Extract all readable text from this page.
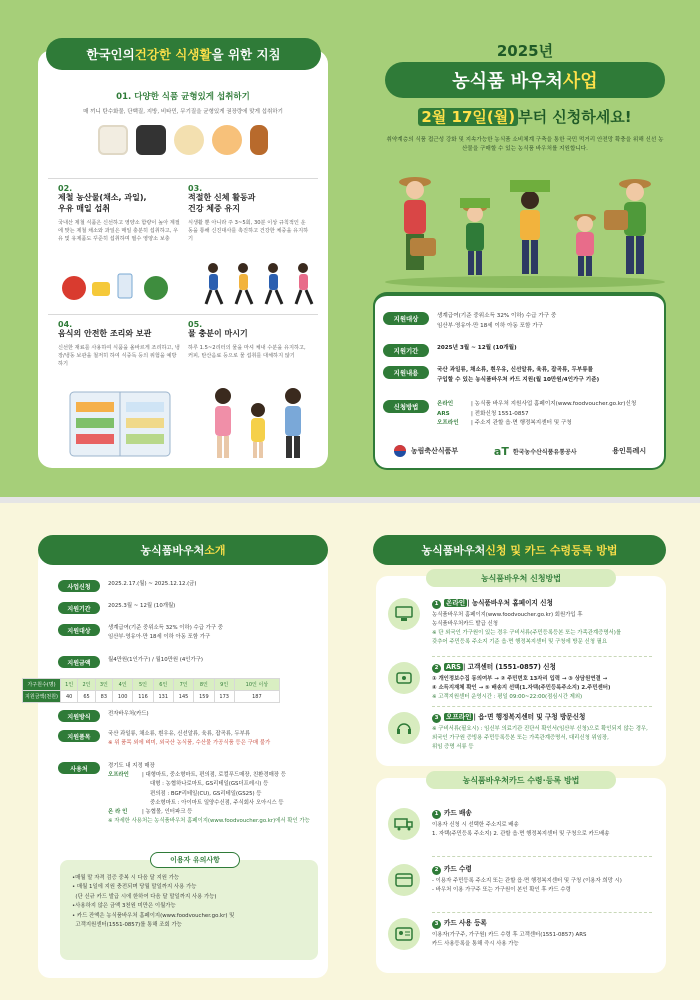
한국인의 건강한 식생활 을 위한 지침
01. 다양한 식품 균형있게 섭취하기
매 끼니 탄수화물, 단백질, 지방, 비타민, 무기질을 균형있게 권장량에 맞게 섭취하기
02.
제철 농산물(채소, 과일),
우유 매일 섭취
국내산 제철 식품은 신선하고 영양소 함량이 높아 계절에 맞는 제철 채소와 과일은 매일 충분히 섭취하고, 우유 및 유제품도 꾸준히 섭취하며 필수 영양소 보충
03.
적절한 신체 활동과
건강 체중 유지
식생활 뿐 아니라 주 3~5회, 30분 이상 규칙적인 운동을 통해 신진대사를 촉진하고 건강한 체중을 유지하기
04.
음식의 안전한 조리와 보관
신선한 재료를 사용하여 식품을 올바르게 조리하고, 냉장/냉동 보관을 철저히 하여 식중독 등의 위험을 예방하기
05.
물 충분이 마시기
하루 1.5~2리터의 물을 마셔 체내 수분을 유지하고, 커피, 탄산음료 등으로 물 섭취를 대체하지 않기
2025년
농식품 바우처 사업
2월 17일(월) 부터 신청하세요!
취약계층의 식품 접근성 강화 및 지속가능한 농식품 소비체계 구축을 통한 국민 먹거리 안전망 확충을 위해 신선 농산물을 구매할 수 있는 농식품 바우처를 지원합니다.
지원대상	생계급여(기준 중위소득 32% 이하) 수급 가구 중
임산부·영유아·만 18세 이하 아동 포함 가구
지원기간	2025년 3월 ~ 12월 (10개월)
지원내용	국산 과일류, 채소류, 흰우유, 신선알류, 육류, 잡곡류, 두부류를
구입할 수 있는 농식품바우처 카드 지원(월 10만원/4인가구 기준)
신청방법	온라인	| 농식품 바우처 지원사업 홈페이지(www.foodvoucher.go.kr)신청
ARS	| 전화신청 1551-0857
오프라인 | 주소지 관할 읍·면 행정복지센터 및 구청
농림축산식품부	aT 한국농수산식품유통공사	용인특례시
농식품바우처 소개
사업신청	2025.2.17.(월) ~ 2025.12.12.(금)
지원기간	2025.3월 ~ 12월 (10개월)
지원대상	생계급여(기준 중위소득 32% 이하) 수급 가구 중
임산부·영유아·만 18세 이하 아동 포함 가구
지원금액	월4만원(1인가구) / 월10만원 (4인가구)
지원방식	전자바우처(카드)
지원품목	국산 과일류, 채소류, 흰우유, 신선알류, 육류, 잡곡류, 두부류
※ 위 품목 외에 벼미, 외국산 농식품, 수산물 가공식품 등은 구매 불가
사용처	경기도 내 지정 매장
오프라인 | 대형마트, 중소형마트, 편의점, 로컬푸드매장, 친환경매장 등
대형 : 농협하나로마트, GS리테일(GS더프레시) 등
편의점 : BGF리테일(CU), GS리테일(GS25) 등
중소형마트 : 아이마트 일양수신점, 주식회사 오아시스 등
온 라 인	| 농협몰, 인터파크 등
※ 자세한 사용처는 농식품바우처 홈페이지(www.foodvoucher.go.kr)에서 확인 가능
가구원수(명)	1인	2인	3인	4인	5인	6인	7인	8인	9인	10인 이상
지원금액(천원)	40	65	83	100	116	131	145	159	173	187
이용자 유의사항
•매월 말 자격 검증 중복 시 다음 달 지원 가능
• 매월 1일에 지원 충전되며 당월 말일까지 사용 가능
(단 신규 카드 발급 시에 한하여 다음 달 말일까지 사용 가능)
•사용하지 않은 금액 3천원 미만은 이월가능
• 카드 잔액은 농식품바우처 홈페이지(www.foodvoucher.go.kr) 및
고객지원센터(1551-0857)를 통해 조회 가능
농식품바우처 신청 및 카드 수령등록 방법
농식품바우처 신청방법
1 온라인 | 농식품바우처 홈페이지 신청
농식품바우처 홈페이지(www.foodvoucher.go.kr) 회원가입 후
농식품바우처카드 발급 신청
※ 단 외국인 가구원이 있는 경우 구비서류(주민등록등본 또는 가족관계증명서)를
갖추어 주민등록 주소지 기준 읍·면 행정복지센터 및 구청에 방문 신청 필요
2 ARS | 고객센터 (1551-0857) 신청
① 개인정보수집 동의여부 → ② 주민번호 13자리 입력 → ③ 상담원연결 →
④ 소득지재체 확인 → ⑤ 배송지 선택(1.자택(주민등록주소지) 2.주민센터)
※ 고객지원센터 운영시간 : 평일 09:00~22:00(점심시간 제외)
3 오프라인 | 읍·면 행정복지센터 및 구청 방문신청
※ 구비서류(필요시) : 임신부 의료기관 진단서 확인서(임산부 신청)으로 확인되지 않는 경우,
외국인 가구원 증빙용 주민등록등본 또는 가족관계증명서, 대리신청 위임장,
위임 증명 서류 등
농식품바우처카드 수령·등록 방법
1 카드 배송
이용자 신청 시 선택한 주소지로 배송
1. 자택(주민등록 주소지) 2. 관할 읍·면 행정복지센터 및 구청으로 카드배송
2 카드 수령
- 이용자 주민등록 주소지 또는 관할 읍·면 행정복지센터 및 구청 (이용자 희망 시)
- 바우처 이용 가구주 또는 가구원이 본인 확인 후 카드 수령
3 카드 사용 등록
이용자(가구주, 가구원) 카드 수령 후 고객센터(1551-0857) ARS
카드 사용등록을 통해 즉시 사용 가능
